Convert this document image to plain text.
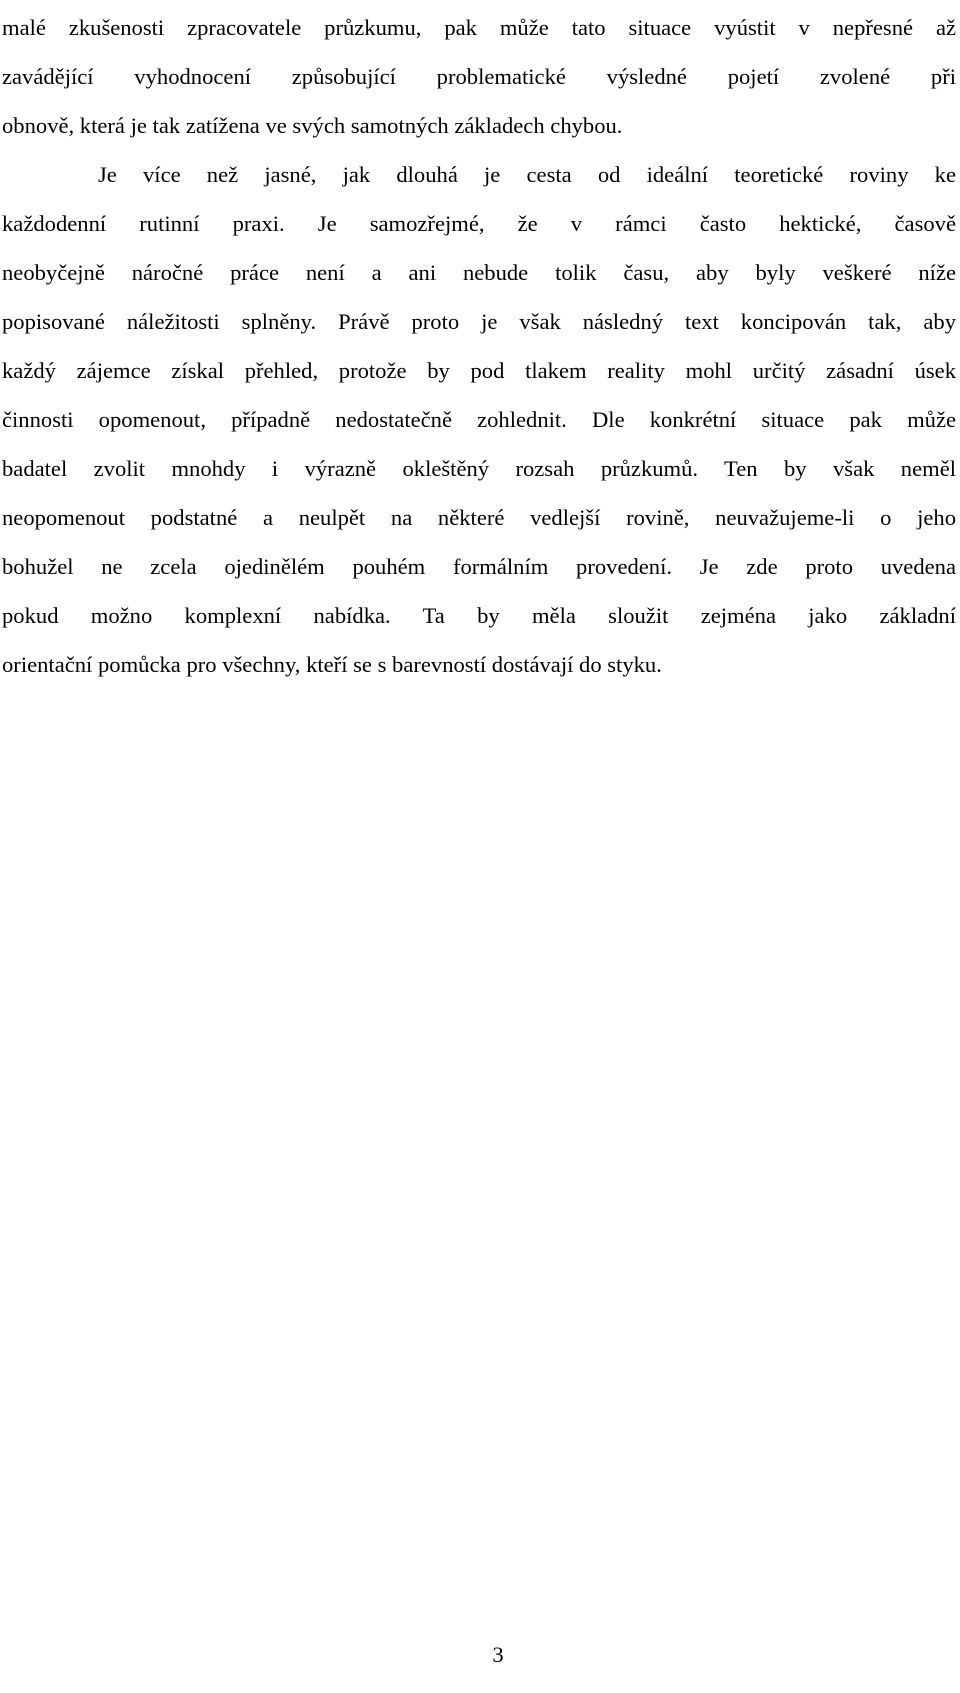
malé zkušenosti zpracovatele průzkumu, pak může tato situace vyústit v nepřesné až
zavádějící vyhodnocení způsobující problematické výsledné pojetí zvolené při
obnově, která je tak zatížena ve svých samotných základech chybou.
Je více než jasné, jak dlouhá je cesta od ideální teoretické roviny ke
každodenní rutinní praxi. Je samozřejmé, že v rámci často hektické, časově
neobyčejně náročné práce není a ani nebude tolik času, aby byly veškeré níže
popisované náležitosti splněny. Právě proto je však následný text koncipován tak, aby
každý zájemce získal přehled, protože by pod tlakem reality mohl určitý zásadní úsek
činnosti opomenout, případně nedostatečně zohlednit. Dle konkrétní situace pak může
badatel zvolit mnohdy i výrazně okleštěný rozsah průzkumů. Ten by však neměl
neopomenout podstatné a neulpět na některé vedlejší rovině, neuvažujeme-li o jeho
bohužel ne zcela ojedinělém pouhém formálním provedení. Je zde proto uvedena
pokud možno komplexní nabídka. Ta by měla sloužit zejména jako základní
orientační pomůcka pro všechny, kteří se s barevností dostávají do styku.
3
